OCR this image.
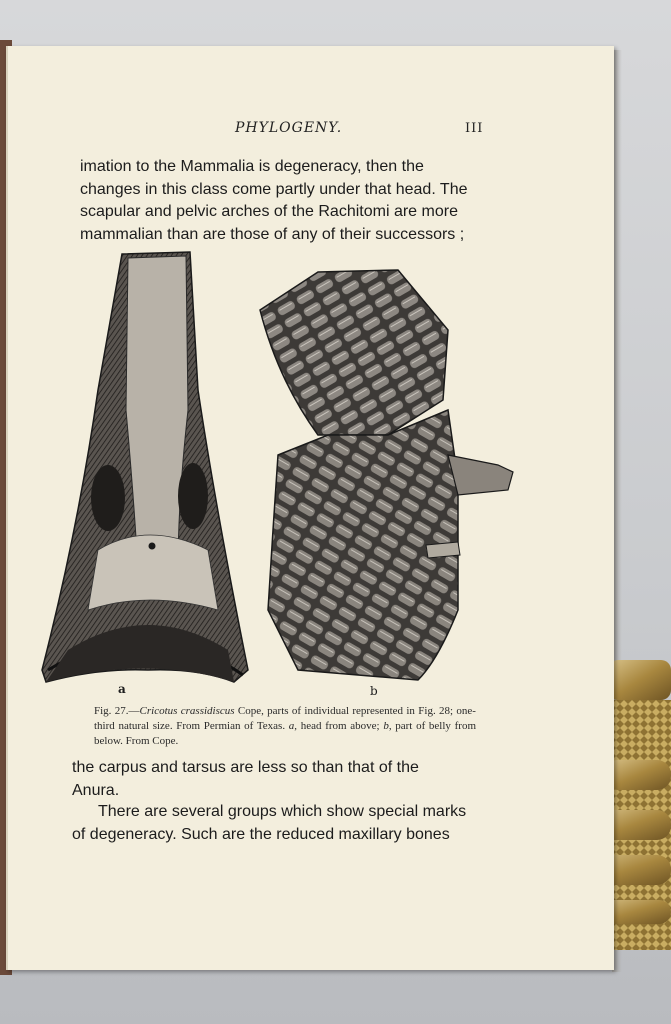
PHYLOGENY.	III

imation to the Mammalia is degeneracy, then the

changes in this class come partly under that head. The

scapular and pelvic arches of the Rachitomi are more

mammalian than are those of any of their successors ;

a	b
Fig. 27.—Cricotus crassidiscus Cope, parts of individual represented in Fig. 28; one-third natural size. From Permian of Texas. a, head from above; b, part of belly from below. From Cope.

the carpus and tarsus are less so than that of the

Anura.

There are several groups which show special marks

of degeneracy. Such are the reduced maxillary bones
